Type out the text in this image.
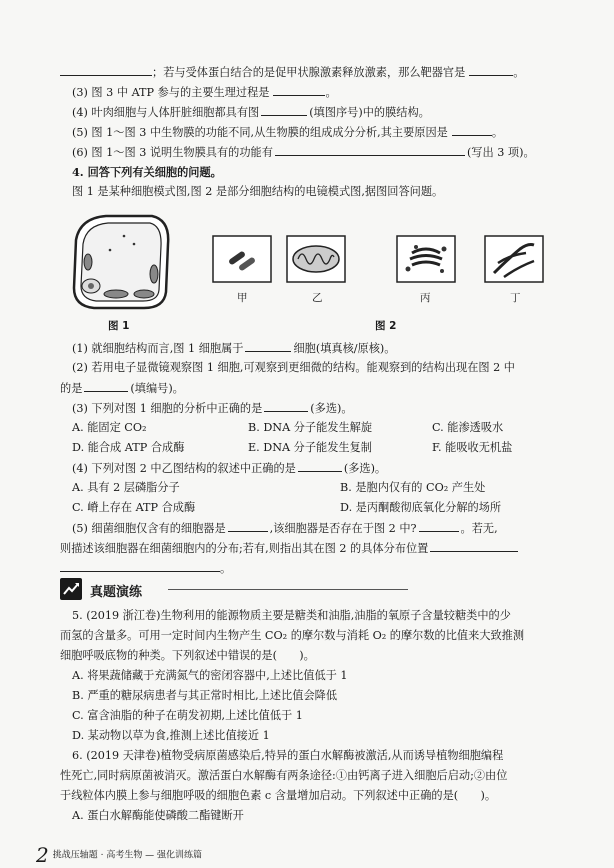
；若与受体蛋白结合的是促甲状腺激素释放激素，那么靶器官是	。
(3) 图 3 中 ATP 参与的主要生理过程是	。
(4) 叶肉细胞与人体肝脏细胞都具有图	(填图序号)中的膜结构。
(5) 图 1～图 3 中生物膜的功能不同,从生物膜的组成成分分析,其主要原因是	。
(6) 图 1～图 3 说明生物膜具有的功能有	(写出 3 项)。
4. 回答下列有关细胞的问题。
图 1 是某种细胞模式图,图 2 是部分细胞结构的电镜模式图,据图回答问题。
图 1
甲	乙	丙	丁
图 2
(1) 就细胞结构而言,图 1 细胞属于	细胞(填真核/原核)。
(2) 若用电子显微镜观察图 1 细胞,可观察到更细微的结构。能观察到的结构出现在图 2 中
的是	(填编号)。
(3) 下列对图 1 细胞的分析中正确的是	(多选)。
A. 能固定 CO₂	B. DNA 分子能发生解旋	C. 能渗透吸水
D. 能合成 ATP 合成酶	E. DNA 分子能发生复制	F. 能吸收无机盐
(4) 下列对图 2 中乙图结构的叙述中正确的是	(多选)。
A. 具有 2 层磷脂分子	B. 是胞内仅有的 CO₂ 产生处
C. 嵴上存在 ATP 合成酶	D. 是丙酮酸彻底氧化分解的场所
(5) 细菌细胞仅含有的细胞器是	,该细胞器是否存在于图 2 中?	。若无,
则描述该细胞器在细菌细胞内的分布;若有,则指出其在图 2 的具体分布位置
。
真题演练
5. (2019 浙江卷)生物利用的能源物质主要是糖类和油脂,油脂的氧原子含量较糖类中的少
而氢的含量多。可用一定时间内生物产生 CO₂ 的摩尔数与消耗 O₂ 的摩尔数的比值来大致推测
细胞呼吸底物的种类。下列叙述中错误的是(　　)。
A. 将果蔬储藏于充满氮气的密闭容器中,上述比值低于 1
B. 严重的糖尿病患者与其正常时相比,上述比值会降低
C. 富含油脂的种子在萌发初期,上述比值低于 1
D. 某动物以草为食,推测上述比值接近 1
6. (2019 天津卷)植物受病原菌感染后,特异的蛋白水解酶被激活,从而诱导植物细胞编程
性死亡,同时病原菌被消灭。激活蛋白水解酶有两条途径:①由钙离子进入细胞后启动;②由位
于线粒体内膜上参与细胞呼吸的细胞色素 c 含量增加启动。下列叙述中正确的是(　　)。
A. 蛋白水解酶能使磷酸二酯键断开
2 挑战压轴题 · 高考生物 — 强化训练篇
